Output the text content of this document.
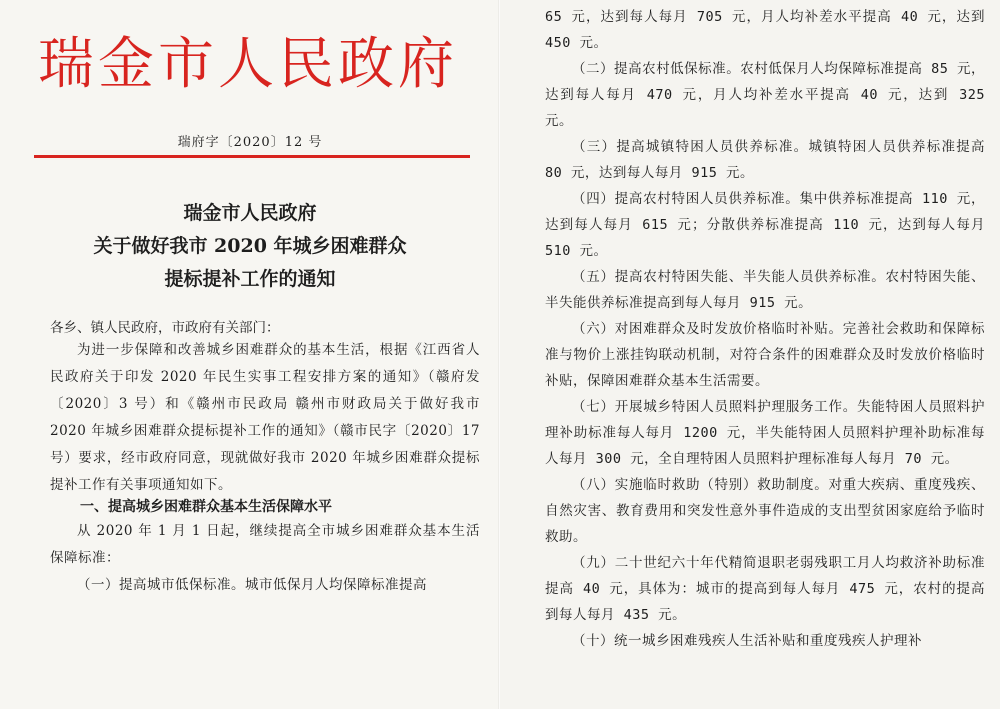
瑞金市人民政府
瑞府字〔2020〕12 号
瑞金市人民政府
关于做好我市 2020 年城乡困难群众
提标提补工作的通知
各乡、镇人民政府，市政府有关部门：

为进一步保障和改善城乡困难群众的基本生活，根据《江西省人民政府关于印发 2020 年民生实事工程安排方案的通知》（赣府发〔2020〕3 号）和《赣州市民政局 赣州市财政局关于做好我市 2020 年城乡困难群众提标提补工作的通知》（赣市民字〔2020〕17 号）要求，经市政府同意，现就做好我市 2020 年城乡困难群众提标提补工作有关事项通知如下。

一、提高城乡困难群众基本生活保障水平

从 2020 年 1 月 1 日起，继续提高全市城乡困难群众基本生活保障标准：

（一）提高城市低保标准。城市低保月人均保障标准提高

65 元，达到每人每月 705 元，月人均补差水平提高 40 元，达到 450 元。

（二）提高农村低保标准。农村低保月人均保障标准提高 85 元，达到每人每月 470 元，月人均补差水平提高 40 元，达到 325 元。

（三）提高城镇特困人员供养标准。城镇特困人员供养标准提高 80 元，达到每人每月 915 元。

（四）提高农村特困人员供养标准。集中供养标准提高 110 元，达到每人每月 615 元；分散供养标准提高 110 元，达到每人每月 510 元。

（五）提高农村特困失能、半失能人员供养标准。农村特困失能、半失能供养标准提高到每人每月 915 元。

（六）对困难群众及时发放价格临时补贴。完善社会救助和保障标准与物价上涨挂钩联动机制，对符合条件的困难群众及时发放价格临时补贴，保障困难群众基本生活需要。

（七）开展城乡特困人员照料护理服务工作。失能特困人员照料护理补助标准每人每月 1200 元，半失能特困人员照料护理补助标准每人每月 300 元，全自理特困人员照料护理标准每人每月 70 元。

（八）实施临时救助（特别）救助制度。对重大疾病、重度残疾、自然灾害、教育费用和突发性意外事件造成的支出型贫困家庭给予临时救助。

（九）二十世纪六十年代精简退职老弱残职工月人均救济补助标准提高 40 元，具体为：城市的提高到每人每月 475 元，农村的提高到每人每月 435 元。

（十）统一城乡困难残疾人生活补贴和重度残疾人护理补
